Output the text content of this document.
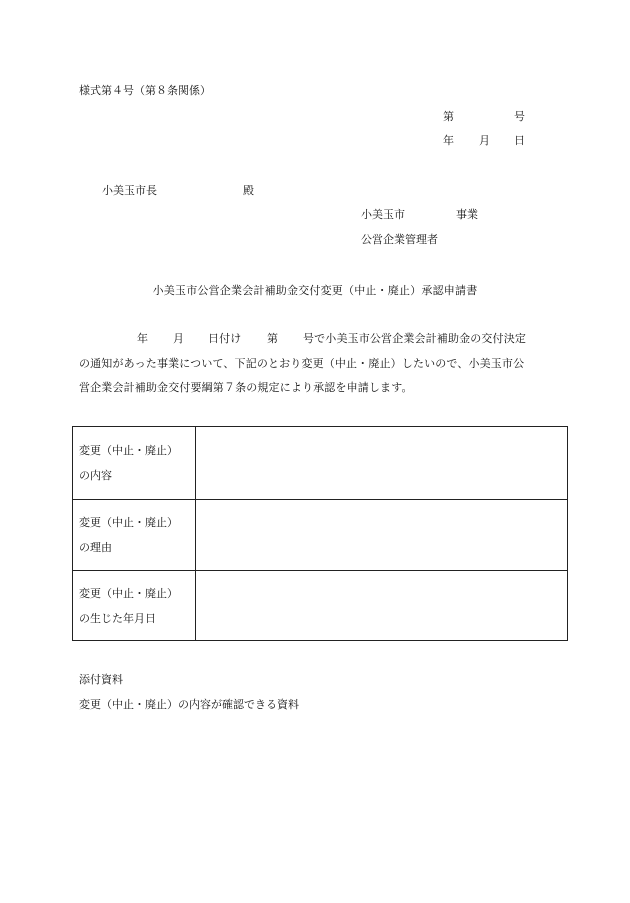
様式第４号（第８条関係）
第	号
年 月 日
小美玉市長	殿
小美玉市	事業
公営企業管理者
小美玉市公営企業会計補助金交付変更（中止・廃止）承認申請書
年 月 日付け 第 号で小美玉市公営企業会計補助金の交付決定
の通知があった事業について、下記のとおり変更（中止・廃止）したいので、小美玉市公
営企業会計補助金交付要綱第７条の規定により承認を申請します。
変更（中止・廃止）
の内容	

変更（中止・廃止）
の理由	

変更（中止・廃止）
の生じた年月日	

添付資料
変更（中止・廃止）の内容が確認できる資料
